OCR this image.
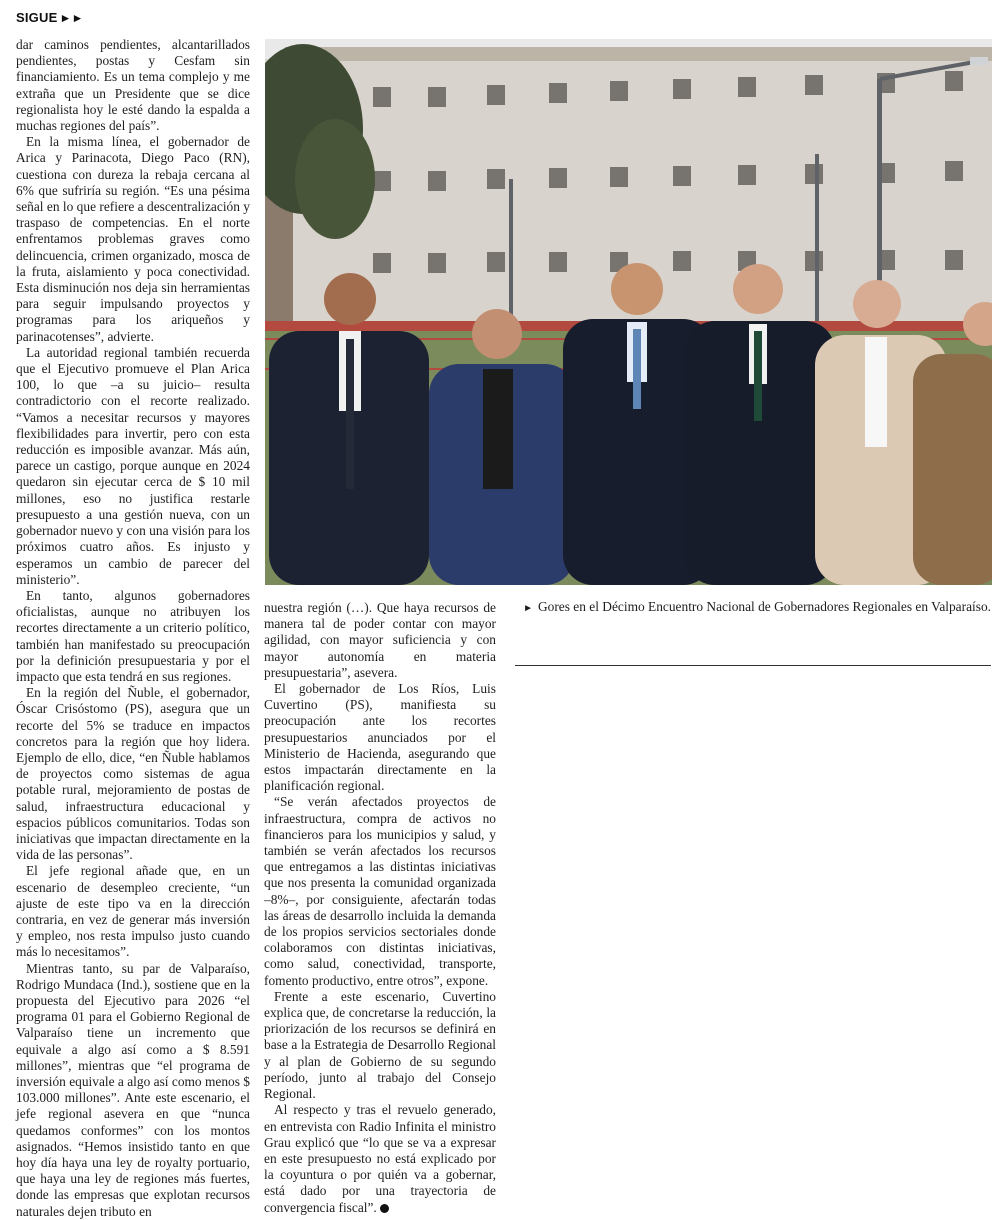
SIGUE ►►

dar caminos pendientes, alcantarillados pendientes, postas y Cesfam sin financiamiento. Es un tema complejo y me extraña que un Presidente que se dice regionalista hoy le esté dando la espalda a muchas regiones del país”.

En la misma línea, el gobernador de Arica y Parinacota, Diego Paco (RN), cuestiona con dureza la rebaja cercana al 6% que sufriría su región. “Es una pésima señal en lo que refiere a descentralización y traspaso de competencias. En el norte enfrentamos problemas graves como delincuencia, crimen organizado, mosca de la fruta, aislamiento y poca conectividad. Esta disminución nos deja sin herramientas para seguir impulsando proyectos y programas para los ariqueños y parinacotenses”, advierte.

La autoridad regional también recuerda que el Ejecutivo promueve el Plan Arica 100, lo que –a su juicio– resulta contradictorio con el recorte realizado. “Vamos a necesitar recursos y mayores flexibilidades para invertir, pero con esta reducción es imposible avanzar. Más aún, parece un castigo, porque aunque en 2024 quedaron sin ejecutar cerca de $ 10 mil millones, eso no justifica restarle presupuesto a una gestión nueva, con un gobernador nuevo y con una visión para los próximos cuatro años. Es injusto y esperamos un cambio de parecer del ministerio”.

En tanto, algunos gobernadores oficialistas, aunque no atribuyen los recortes directamente a un criterio político, también han manifestado su preocupación por la definición presupuestaria y por el impacto que esta tendrá en sus regiones.

En la región del Ñuble, el gobernador, Óscar Crisóstomo (PS), asegura que un recorte del 5% se traduce en impactos concretos para la región que hoy lidera. Ejemplo de ello, dice, “en Ñuble hablamos de proyectos como sistemas de agua potable rural, mejoramiento de postas de salud, infraestructura educacional y espacios públicos comunitarios. Todas son iniciativas que impactan directamente en la vida de las personas”.

El jefe regional añade que, en un escenario de desempleo creciente, “un ajuste de este tipo va en la dirección contraria, en vez de generar más inversión y empleo, nos resta impulso justo cuando más lo necesitamos”.

Mientras tanto, su par de Valparaíso, Rodrigo Mundaca (Ind.), sostiene que en la propuesta del Ejecutivo para 2026 “el programa 01 para el Gobierno Regional de Valparaíso tiene un incremento que equivale a algo así como a $ 8.591 millones”, mientras que “el programa de inversión equivale a algo así como menos $ 103.000 millones”. Ante este escenario, el jefe regional asevera en que “nunca quedamos conformes” con los montos asignados. “Hemos insistido tanto en que hoy día haya una ley de royalty portuario, que haya una ley de regiones más fuertes, donde las empresas que explotan recursos naturales dejen tributo en

► Gores en el Décimo Encuentro Nacional de Gobernadores Regionales en Valparaíso.

nuestra región (…). Que haya recursos de manera tal de poder contar con mayor agilidad, con mayor suficiencia y con mayor autonomía en materia presupuestaria”, asevera.

El gobernador de Los Ríos, Luis Cuvertino (PS), manifiesta su preocupación ante los recortes presupuestarios anunciados por el Ministerio de Hacienda, asegurando que estos impactarán directamente en la planificación regional.

“Se verán afectados proyectos de infraestructura, compra de activos no financieros para los municipios y salud, y también se verán afectados los recursos que entregamos a las distintas iniciativas que nos presenta la comunidad organizada –8%–, por consiguiente, afectarán todas las áreas de desarrollo incluida la demanda de los propios servicios sectoriales donde colaboramos con distintas iniciativas, como salud, conectividad, transporte, fomento productivo, entre otros”, expone.

Frente a este escenario, Cuvertino explica que, de concretarse la reducción, la priorización de los recursos se definirá en base a la Estrategia de Desarrollo Regional y al plan de Gobierno de su segundo período, junto al trabajo del Consejo Regional.

Al respecto y tras el revuelo generado, en entrevista con Radio Infinita el ministro Grau explicó que “lo que se va a expresar en este presupuesto no está explicado por la coyuntura o por quién va a gobernar, está dado por una trayectoria de convergencia fiscal”.
